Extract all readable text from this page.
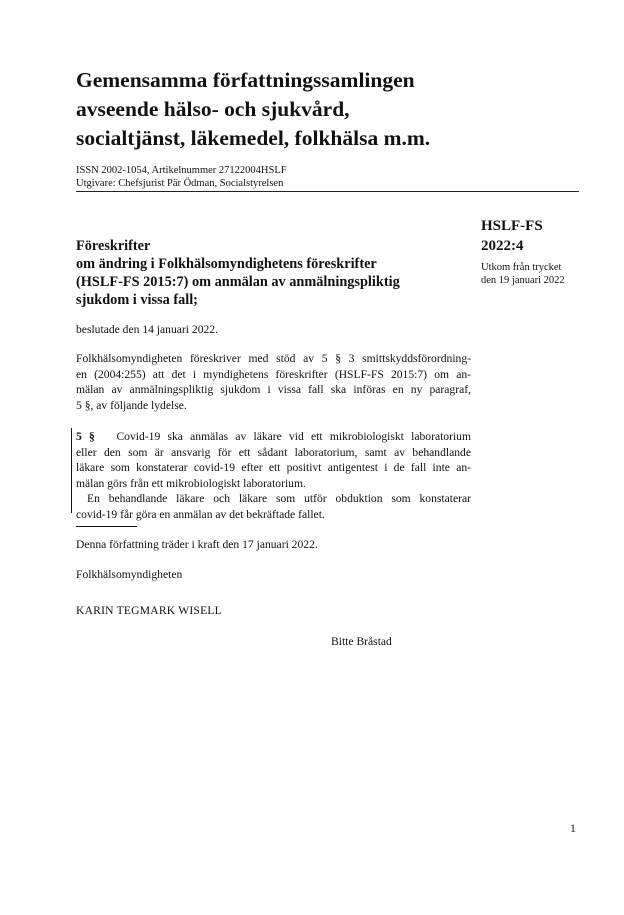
Gemensamma författningssamlingen
avseende hälso- och sjukvård,
socialtjänst, läkemedel, folkhälsa m.m.
ISSN 2002-1054, Artikelnummer 27122004HSLF
Utgivare: Chefsjurist Pär Ödman, Socialstyrelsen
HSLF-FS
2022:4
Utkom från trycket
den 19 januari 2022
Föreskrifter
om ändring i Folkhälsomyndighetens föreskrifter
(HSLF-FS 2015:7) om anmälan av anmälningspliktig
sjukdom i vissa fall;
beslutade den 14 januari 2022.
Folkhälsomyndigheten föreskriver med stöd av 5 § 3 smittskyddsförordning-
en (2004:255) att det i myndighetens föreskrifter (HSLF-FS 2015:7) om an-
mälan av anmälningspliktig sjukdom i vissa fall ska införas en ny paragraf,
5 §, av följande lydelse.
5 § Covid-19 ska anmälas av läkare vid ett mikrobiologiskt laboratorium
eller den som är ansvarig för ett sådant laboratorium, samt av behandlande
läkare som konstaterar covid-19 efter ett positivt antigentest i de fall inte an-
mälan görs från ett mikrobiologiskt laboratorium.
En behandlande läkare och läkare som utför obduktion som konstaterar
covid-19 får göra en anmälan av det bekräftade fallet.
Denna författning träder i kraft den 17 januari 2022.
Folkhälsomyndigheten
KARIN TEGMARK WISELL
Bitte Bråstad
1
